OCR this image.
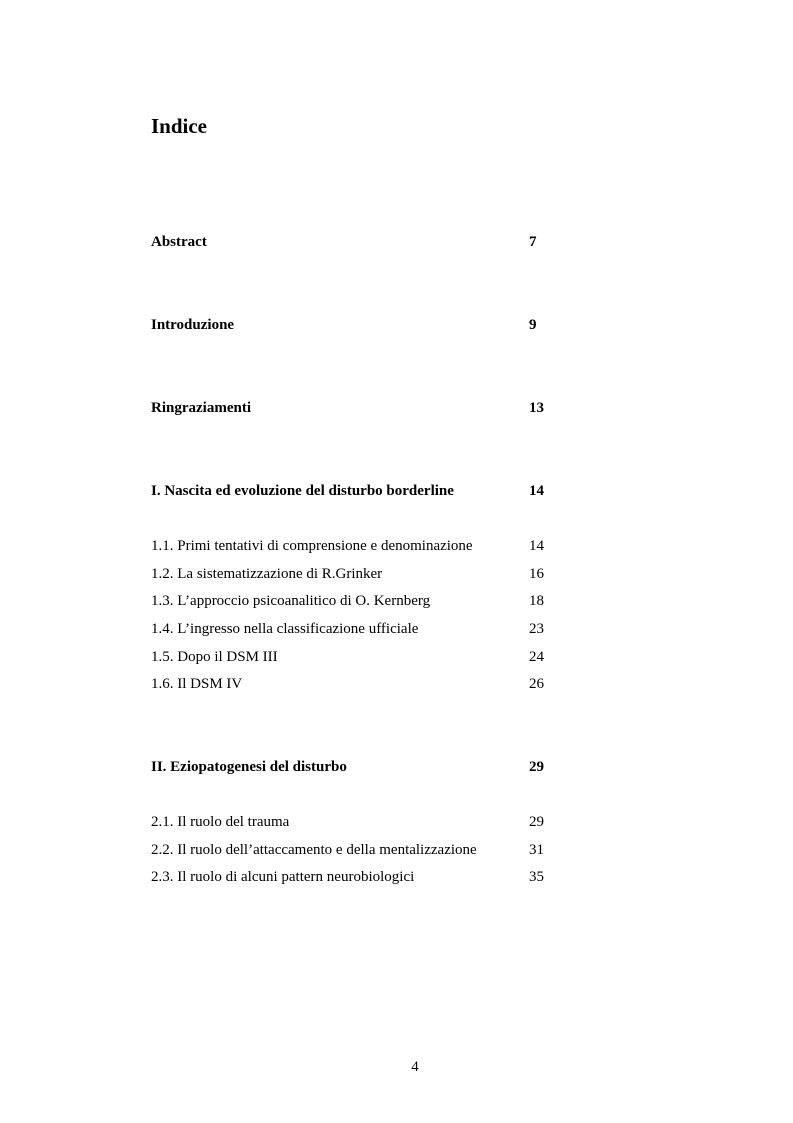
Indice
Abstract	7
Introduzione	9
Ringraziamenti	13
I. Nascita ed evoluzione del disturbo borderline	14
1.1. Primi tentativi di comprensione e denominazione	14
1.2. La sistematizzazione di R.Grinker	16
1.3. L’approccio psicoanalitico di O. Kernberg	18
1.4. L’ingresso nella classificazione ufficiale	23
1.5. Dopo il DSM III	24
1.6. Il DSM IV	26
II. Eziopatogenesi del disturbo	29
2.1. Il ruolo del trauma	29
2.2. Il ruolo dell’attaccamento e della mentalizzazione	31
2.3. Il ruolo di alcuni pattern neurobiologici	35
4
